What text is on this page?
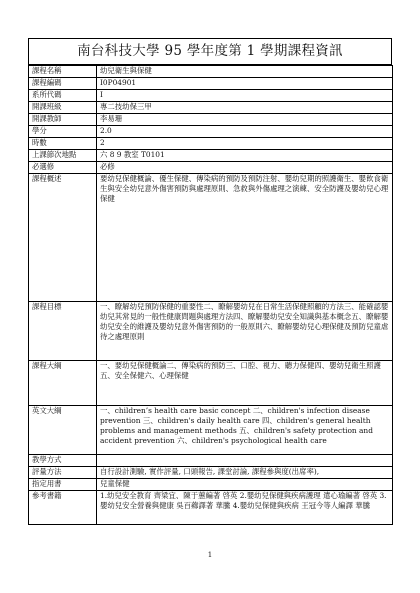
南台科技大學 95 學年度第 1 學期課程資訊
課程名稱	幼兒衛生與保健
課程編碼	I0P04901
系所代碼	I
開課班級	專二技幼保三甲
開課教師	李易珊
學分	2.0
時數	2
上課節次地點	六 8 9 教室 T0101
必選修	必修
課程概述	要幼兒保健概論、優生保健、傳染病的預防及預防注射、嬰幼兒期的照護衛生、嬰飲食衛生與安全幼兒意外傷害預防與處理原則、急救與外傷處理之演練、安全防護及嬰幼兒心理保健
課程目標	一、瞭解幼兒預防保健的重要性二、瞭解嬰幼兒在日常生活保健照顧的方法三、能確認嬰幼兒其常見的一般性健康問題與處理方法四、瞭解嬰幼兒安全知識與基本概念五、瞭解嬰幼兒安全的維護及嬰幼兒意外傷害預防的一般原則六、瞭解嬰幼兒心理保健及預防兒童虐待之處理原則
課程大綱	一、要幼兒保健概論二、傳染病的預防三、口腔、視力、聽力保健四、嬰幼兒衛生照護五、安全保健六、心理保健
英文大綱	一、children’s health care basic concept 二、children's infection disease prevention 三、children's daily health care 四、children's general health problems and management methods 五、children's safety protection and accident prevention 六、children's psychological health care
教學方式	
評量方法	自行設計測驗, 實作評量, 口頭報告, 課堂討論, 課程參與度(出席率),
指定用書	兒童保健
參考書籍	1.幼兒安全教育 齊梁宜、陳于蕙編著 啓英 2.嬰幼兒保健與疾病護理 遣心瑜編著 啓英 3.嬰幼兒安全營養與健康 吳百薌譯著 華騰 4.嬰幼兒保健與疾病 王冠今等人編譯 華騰
1
